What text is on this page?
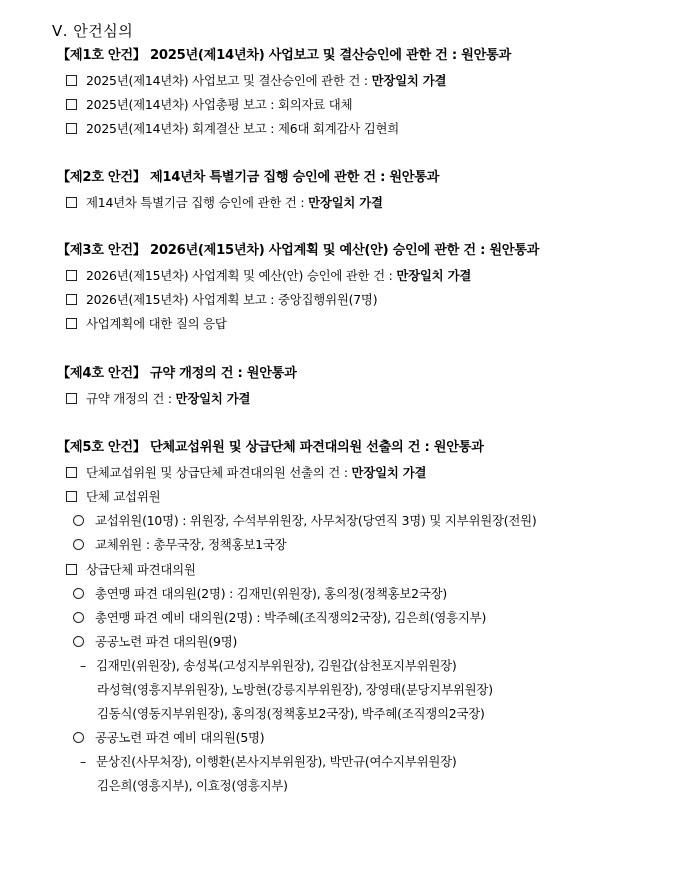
Ⅴ. 안건심의
【제1호 안건】 2025년(제14년차) 사업보고 및 결산승인에 관한 건 : 원안통과
2025년(제14년차) 사업보고 및 결산승인에 관한 건 : 만장일치 가결
2025년(제14년차) 사업총평 보고 : 회의자료 대체
2025년(제14년차) 회계결산 보고 : 제6대 회계감사 김현희
【제2호 안건】 제14년차 특별기금 집행 승인에 관한 건 : 원안통과
제14년차 특별기금 집행 승인에 관한 건 : 만장일치 가결
【제3호 안건】 2026년(제15년차) 사업계획 및 예산(안) 승인에 관한 건 : 원안통과
2026년(제15년차) 사업계획 및 예산(안) 승인에 관한 건 : 만장일치 가결
2026년(제15년차) 사업계획 보고 : 중앙집행위원(7명)
사업계획에 대한 질의 응답
【제4호 안건】 규약 개정의 건 : 원안통과
규약 개정의 건 : 만장일치 가결
【제5호 안건】 단체교섭위원 및 상급단체 파견대의원 선출의 건 : 원안통과
단체교섭위원 및 상급단체 파견대의원 선출의 건 : 만장일치 가결
단체 교섭위원
교섭위원(10명) : 위원장, 수석부위원장, 사무처장(당연직 3명) 및 지부위원장(전원)
교체위원 : 총무국장, 정책홍보1국장
상급단체 파견대의원
총연맹 파견 대의원(2명) : 김재민(위원장), 홍의정(정책홍보2국장)
총연맹 파견 예비 대의원(2명) : 박주혜(조직쟁의2국장), 김은희(영흥지부)
공공노련 파견 대의원(9명)
– 김재민(위원장), 송성복(고성지부위원장), 김원갑(삼천포지부위원장)
라성혁(영흥지부위원장), 노방현(강릉지부위원장), 장영태(분당지부위원장)
김동식(영동지부위원장), 홍의정(정책홍보2국장), 박주혜(조직쟁의2국장)
공공노련 파견 예비 대의원(5명)
– 문상진(사무처장), 이행환(본사지부위원장), 박만규(여수지부위원장)
김은희(영흥지부), 이효정(영흥지부)
